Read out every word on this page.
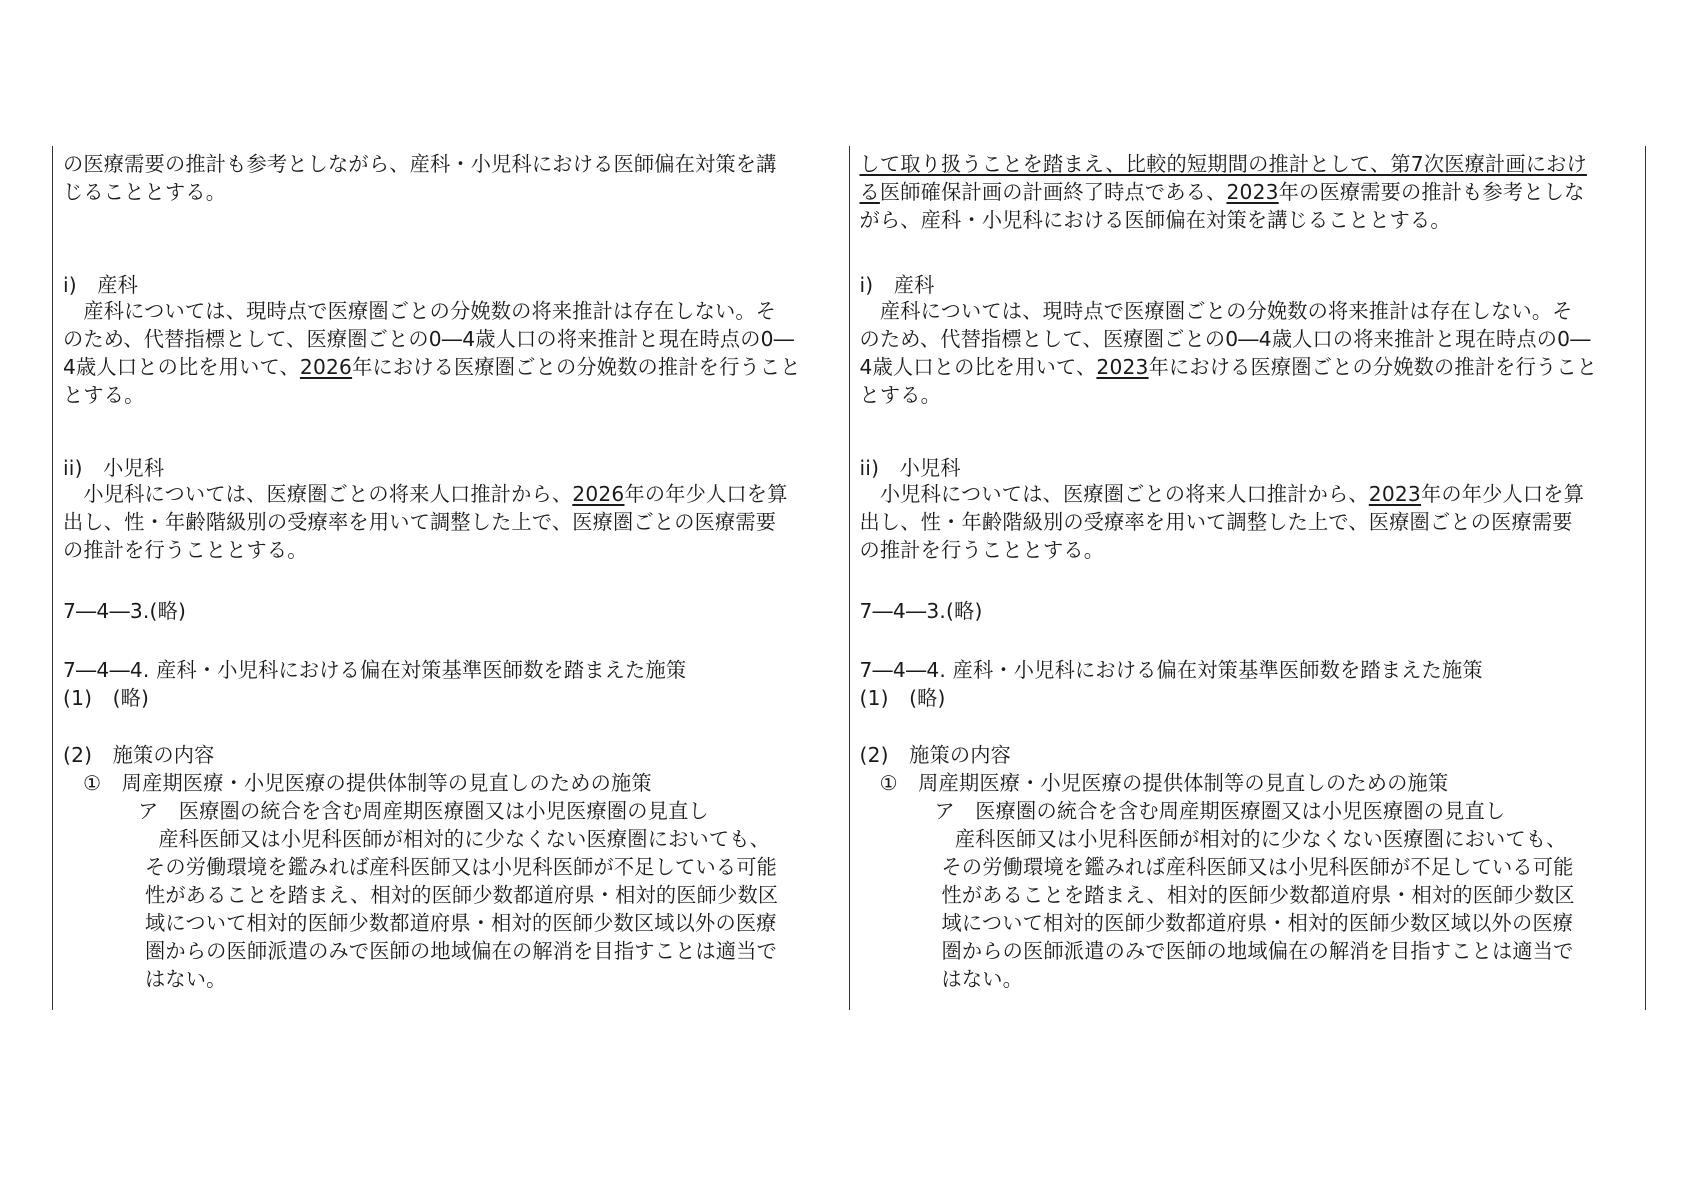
の医療需要の推計も参考としながら、産科・小児科における医師偏在対策を講
じることとする。
i)　産科
　産科については、現時点で医療圏ごとの分娩数の将来推計は存在しない。そ
のため、代替指標として、医療圏ごとの0―4歳人口の将来推計と現在時点の0―
4歳人口との比を用いて、2026年における医療圏ごとの分娩数の推計を行うこと
とする。
ii)　小児科
　小児科については、医療圏ごとの将来人口推計から、2026年の年少人口を算
出し、性・年齢階級別の受療率を用いて調整した上で、医療圏ごとの医療需要
の推計を行うこととする。
7―4―3.(略)
7―4―4. 産科・小児科における偏在対策基準医師数を踏まえた施策
(1)　(略)
(2)　施策の内容
①　周産期医療・小児医療の提供体制等の見直しのための施策
ア　医療圏の統合を含む周産期医療圏又は小児医療圏の見直し
　産科医師又は小児科医師が相対的に少なくない医療圏においても、
その労働環境を鑑みれば産科医師又は小児科医師が不足している可能
性があることを踏まえ、相対的医師少数都道府県・相対的医師少数区
域について相対的医師少数都道府県・相対的医師少数区域以外の医療
圏からの医師派遣のみで医師の地域偏在の解消を目指すことは適当で
はない。
して取り扱うことを踏まえ、比較的短期間の推計として、第7次医療計画におけ
る医師確保計画の計画終了時点である、2023年の医療需要の推計も参考としな
がら、産科・小児科における医師偏在対策を講じることとする。
i)　産科
　産科については、現時点で医療圏ごとの分娩数の将来推計は存在しない。そ
のため、代替指標として、医療圏ごとの0―4歳人口の将来推計と現在時点の0―
4歳人口との比を用いて、2023年における医療圏ごとの分娩数の推計を行うこと
とする。
ii)　小児科
　小児科については、医療圏ごとの将来人口推計から、2023年の年少人口を算
出し、性・年齢階級別の受療率を用いて調整した上で、医療圏ごとの医療需要
の推計を行うこととする。
7―4―3.(略)
7―4―4. 産科・小児科における偏在対策基準医師数を踏まえた施策
(1)　(略)
(2)　施策の内容
①　周産期医療・小児医療の提供体制等の見直しのための施策
ア　医療圏の統合を含む周産期医療圏又は小児医療圏の見直し
　産科医師又は小児科医師が相対的に少なくない医療圏においても、
その労働環境を鑑みれば産科医師又は小児科医師が不足している可能
性があることを踏まえ、相対的医師少数都道府県・相対的医師少数区
域について相対的医師少数都道府県・相対的医師少数区域以外の医療
圏からの医師派遣のみで医師の地域偏在の解消を目指すことは適当で
はない。
